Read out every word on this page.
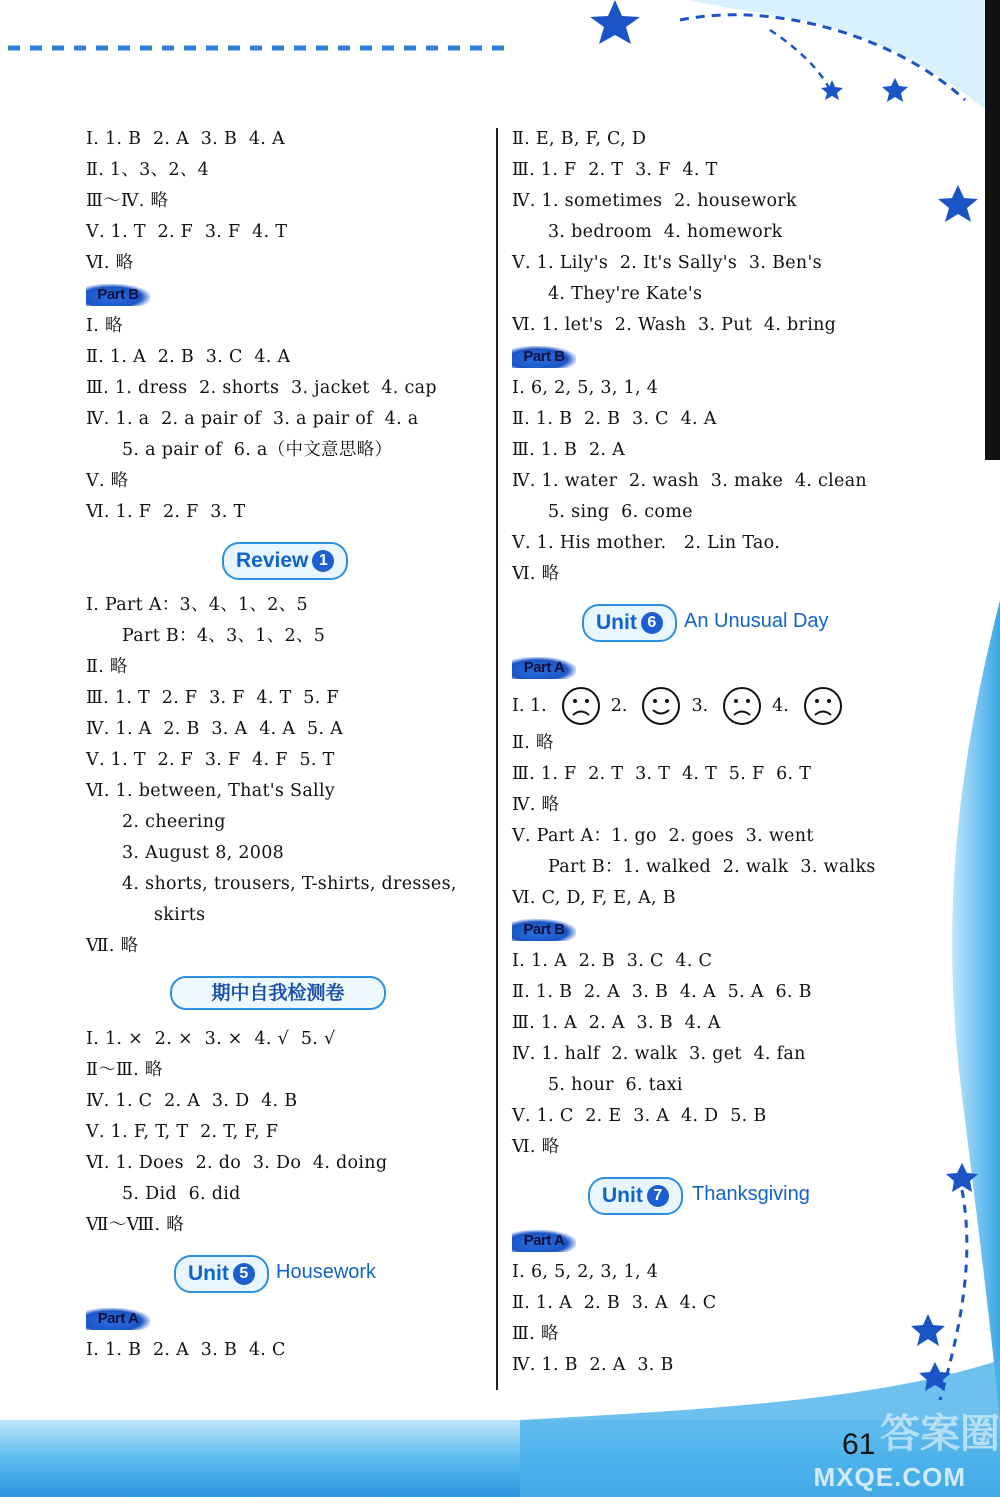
Ⅰ. 1. B  2. A  3. B  4. A
Ⅱ. 1、3、2、4
Ⅲ～Ⅳ. 略
Ⅴ. 1. T  2. F  3. F  4. T
Ⅵ. 略
Part B
Ⅰ. 略
Ⅱ. 1. A  2. B  3. C  4. A
Ⅲ. 1. dress  2. shorts  3. jacket  4. cap
Ⅳ. 1. a  2. a pair of  3. a pair of  4. a
5. a pair of  6. a（中文意思略）
Ⅴ. 略
Ⅵ. 1. F  2. F  3. T
Review 1
Ⅰ. Part A：3、4、1、2、5
Part B：4、3、1、2、5
Ⅱ. 略
Ⅲ. 1. T  2. F  3. F  4. T  5. F
Ⅳ. 1. A  2. B  3. A  4. A  5. A
Ⅴ. 1. T  2. F  3. F  4. F  5. T
Ⅵ. 1. between, That's Sally
2. cheering
3. August 8, 2008
4. shorts, trousers, T-shirts, dresses,
skirts
Ⅶ. 略
期中自我检测卷
Ⅰ. 1. ×  2. ×  3. ×  4. √  5. √
Ⅱ～Ⅲ. 略
Ⅳ. 1. C  2. A  3. D  4. B
Ⅴ. 1. F, T, T  2. T, F, F
Ⅵ. 1. Does  2. do  3. Do  4. doing
5. Did  6. did
Ⅶ～Ⅷ. 略
Unit 5	Housework
Part A
Ⅰ. 1. B  2. A  3. B  4. C
Ⅱ. E, B, F, C, D
Ⅲ. 1. F  2. T  3. F  4. T
Ⅳ. 1. sometimes  2. housework
3. bedroom  4. homework
Ⅴ. 1. Lily's  2. It's Sally's  3. Ben's
4. They're Kate's
Ⅵ. 1. let's  2. Wash  3. Put  4. bring
Part B
Ⅰ. 6, 2, 5, 3, 1, 4
Ⅱ. 1. B  2. B  3. C  4. A
Ⅲ. 1. B  2. A
Ⅳ. 1. water  2. wash  3. make  4. clean
5. sing  6. come
Ⅴ. 1. His mother.   2. Lin Tao.
Ⅵ. 略
Unit 6	An Unusual Day
Part A
Ⅰ. 1.	2.	3.	4.
Ⅱ. 略
Ⅲ. 1. F  2. T  3. T  4. T  5. F  6. T
Ⅳ. 略
Ⅴ. Part A：1. go  2. goes  3. went
Part B：1. walked  2. walk  3. walks
Ⅵ. C, D, F, E, A, B
Part B
Ⅰ. 1. A  2. B  3. C  4. C
Ⅱ. 1. B  2. A  3. B  4. A  5. A  6. B
Ⅲ. 1. A  2. A  3. B  4. A
Ⅳ. 1. half  2. walk  3. get  4. fan
5. hour  6. taxi
Ⅴ. 1. C  2. E  3. A  4. D  5. B
Ⅵ. 略
Unit 7	Thanksgiving
Part A
Ⅰ. 6, 5, 2, 3, 1, 4
Ⅱ. 1. A  2. B  3. A  4. C
Ⅲ. 略
Ⅳ. 1. B  2. A  3. B
61 答案圈
MXQE.COM
